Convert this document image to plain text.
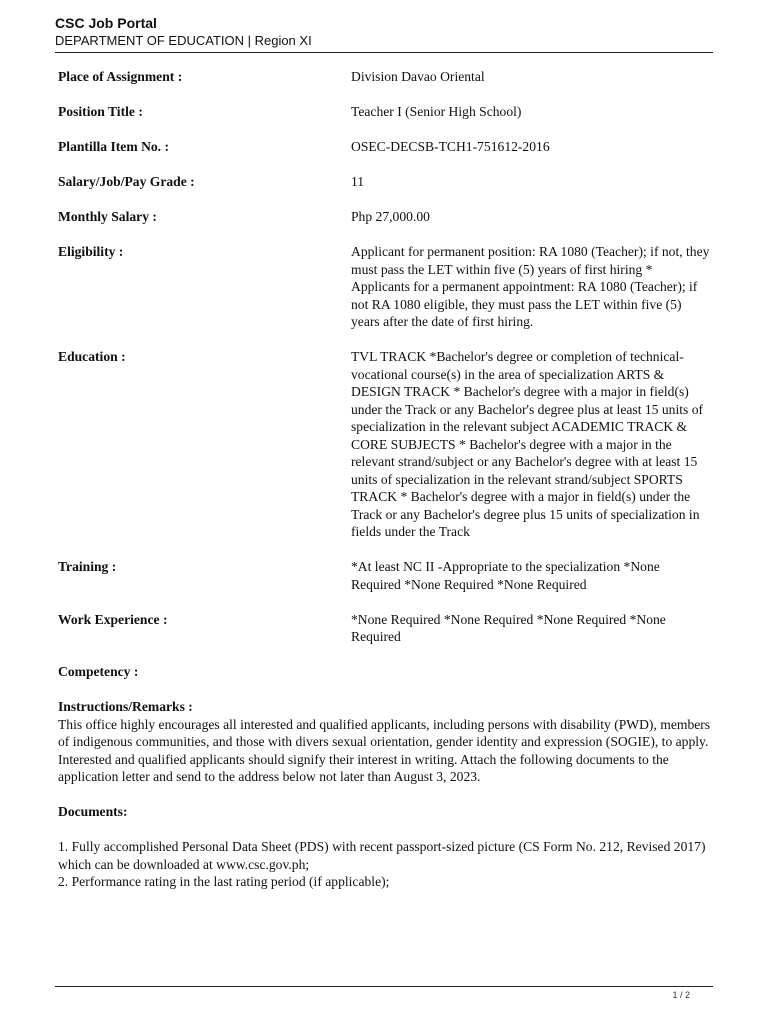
CSC Job Portal
DEPARTMENT OF EDUCATION | Region XI
Place of Assignment :	Division Davao Oriental
Position Title :	Teacher I (Senior High School)
Plantilla Item No. :	OSEC-DECSB-TCH1-751612-2016
Salary/Job/Pay Grade :	11
Monthly Salary :	Php 27,000.00
Eligibility :	Applicant for permanent position: RA 1080 (Teacher); if not, they must pass the LET within five (5) years of first hiring * Applicants for a permanent appointment: RA 1080 (Teacher); if not RA 1080 eligible, they must pass the LET within five (5) years after the date of first hiring.
Education :	TVL TRACK *Bachelor's degree or completion of technical-vocational course(s) in the area of specialization ARTS & DESIGN TRACK * Bachelor's degree with a major in field(s) under the Track or any Bachelor's degree plus at least 15 units of specialization in the relevant subject ACADEMIC TRACK & CORE SUBJECTS * Bachelor's degree with a major in the relevant strand/subject or any Bachelor's degree with at least 15 units of specialization in the relevant strand/subject SPORTS TRACK * Bachelor's degree with a major in field(s) under the Track or any Bachelor's degree plus 15 units of specialization in fields under the Track
Training :	*At least NC II -Appropriate to the specialization *None Required *None Required *None Required
Work Experience :	*None Required *None Required *None Required *None Required
Competency :
Instructions/Remarks :

This office highly encourages all interested and qualified applicants, including persons with disability (PWD), members of indigenous communities, and those with divers sexual orientation, gender identity and expression (SOGIE), to apply. Interested and qualified applicants should signify their interest in writing. Attach the following documents to the application letter and send to the address below not later than August 3, 2023.

Documents:

1. Fully accomplished Personal Data Sheet (PDS) with recent passport-sized picture (CS Form No. 212, Revised 2017) which can be downloaded at www.csc.gov.ph;

2. Performance rating in the last rating period (if applicable);

1 / 2
